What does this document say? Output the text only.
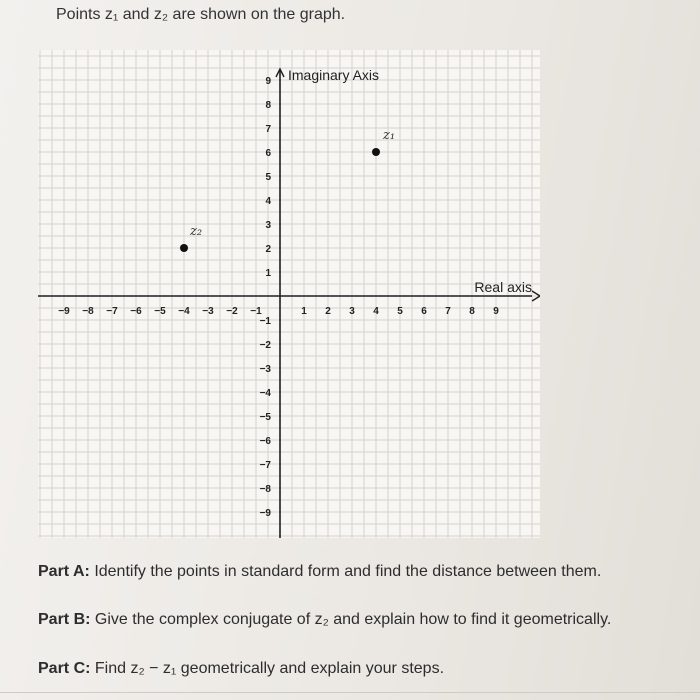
Points z₁ and z₂ are shown on the graph.
−9 −8 −7 −6 −5 −4 −3 −2 −1	1 2 3 4 5 6 7 8 9
−9
−8
−7
−6
−5
−4
−3
−2
−1
1
2
3
4
5
6
7
8
9 Imaginary Axis
Real axis
z₁
z₂
Part A: Identify the points in standard form and find the distance between them.
Part B: Give the complex conjugate of z₂ and explain how to find it geometrically.
Part C: Find z₂ − z₁ geometrically and explain your steps.
